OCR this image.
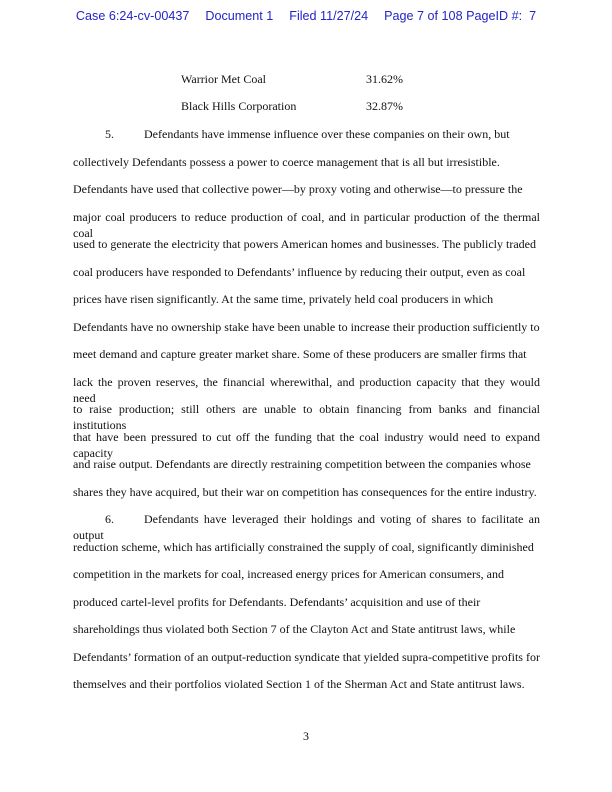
Case 6:24-cv-00437 Document 1 Filed 11/27/24 Page 7 of 108 PageID #:  7
Warrior Met Coal	31.62%
Black Hills Corporation	32.87%
5.	Defendants have immense influence over these companies on their own, but
collectively Defendants possess a power to coerce management that is all but irresistible.
Defendants have used that collective power—by proxy voting and otherwise—to pressure the
major coal producers to reduce production of coal, and in particular production of the thermal coal
used to generate the electricity that powers American homes and businesses. The publicly traded
coal producers have responded to Defendants’ influence by reducing their output, even as coal
prices have risen significantly. At the same time, privately held coal producers in which
Defendants have no ownership stake have been unable to increase their production sufficiently to
meet demand and capture greater market share. Some of these producers are smaller firms that
lack the proven reserves, the financial wherewithal, and production capacity that they would need
to raise production; still others are unable to obtain financing from banks and financial institutions
that have been pressured to cut off the funding that the coal industry would need to expand capacity
and raise output. Defendants are directly restraining competition between the companies whose
shares they have acquired, but their war on competition has consequences for the entire industry.
6.	Defendants have leveraged their holdings and voting of shares to facilitate an output
reduction scheme, which has artificially constrained the supply of coal, significantly diminished
competition in the markets for coal, increased energy prices for American consumers, and
produced cartel-level profits for Defendants. Defendants’ acquisition and use of their
shareholdings thus violated both Section 7 of the Clayton Act and State antitrust laws, while
Defendants’ formation of an output-reduction syndicate that yielded supra-competitive profits for
themselves and their portfolios violated Section 1 of the Sherman Act and State antitrust laws.
3
